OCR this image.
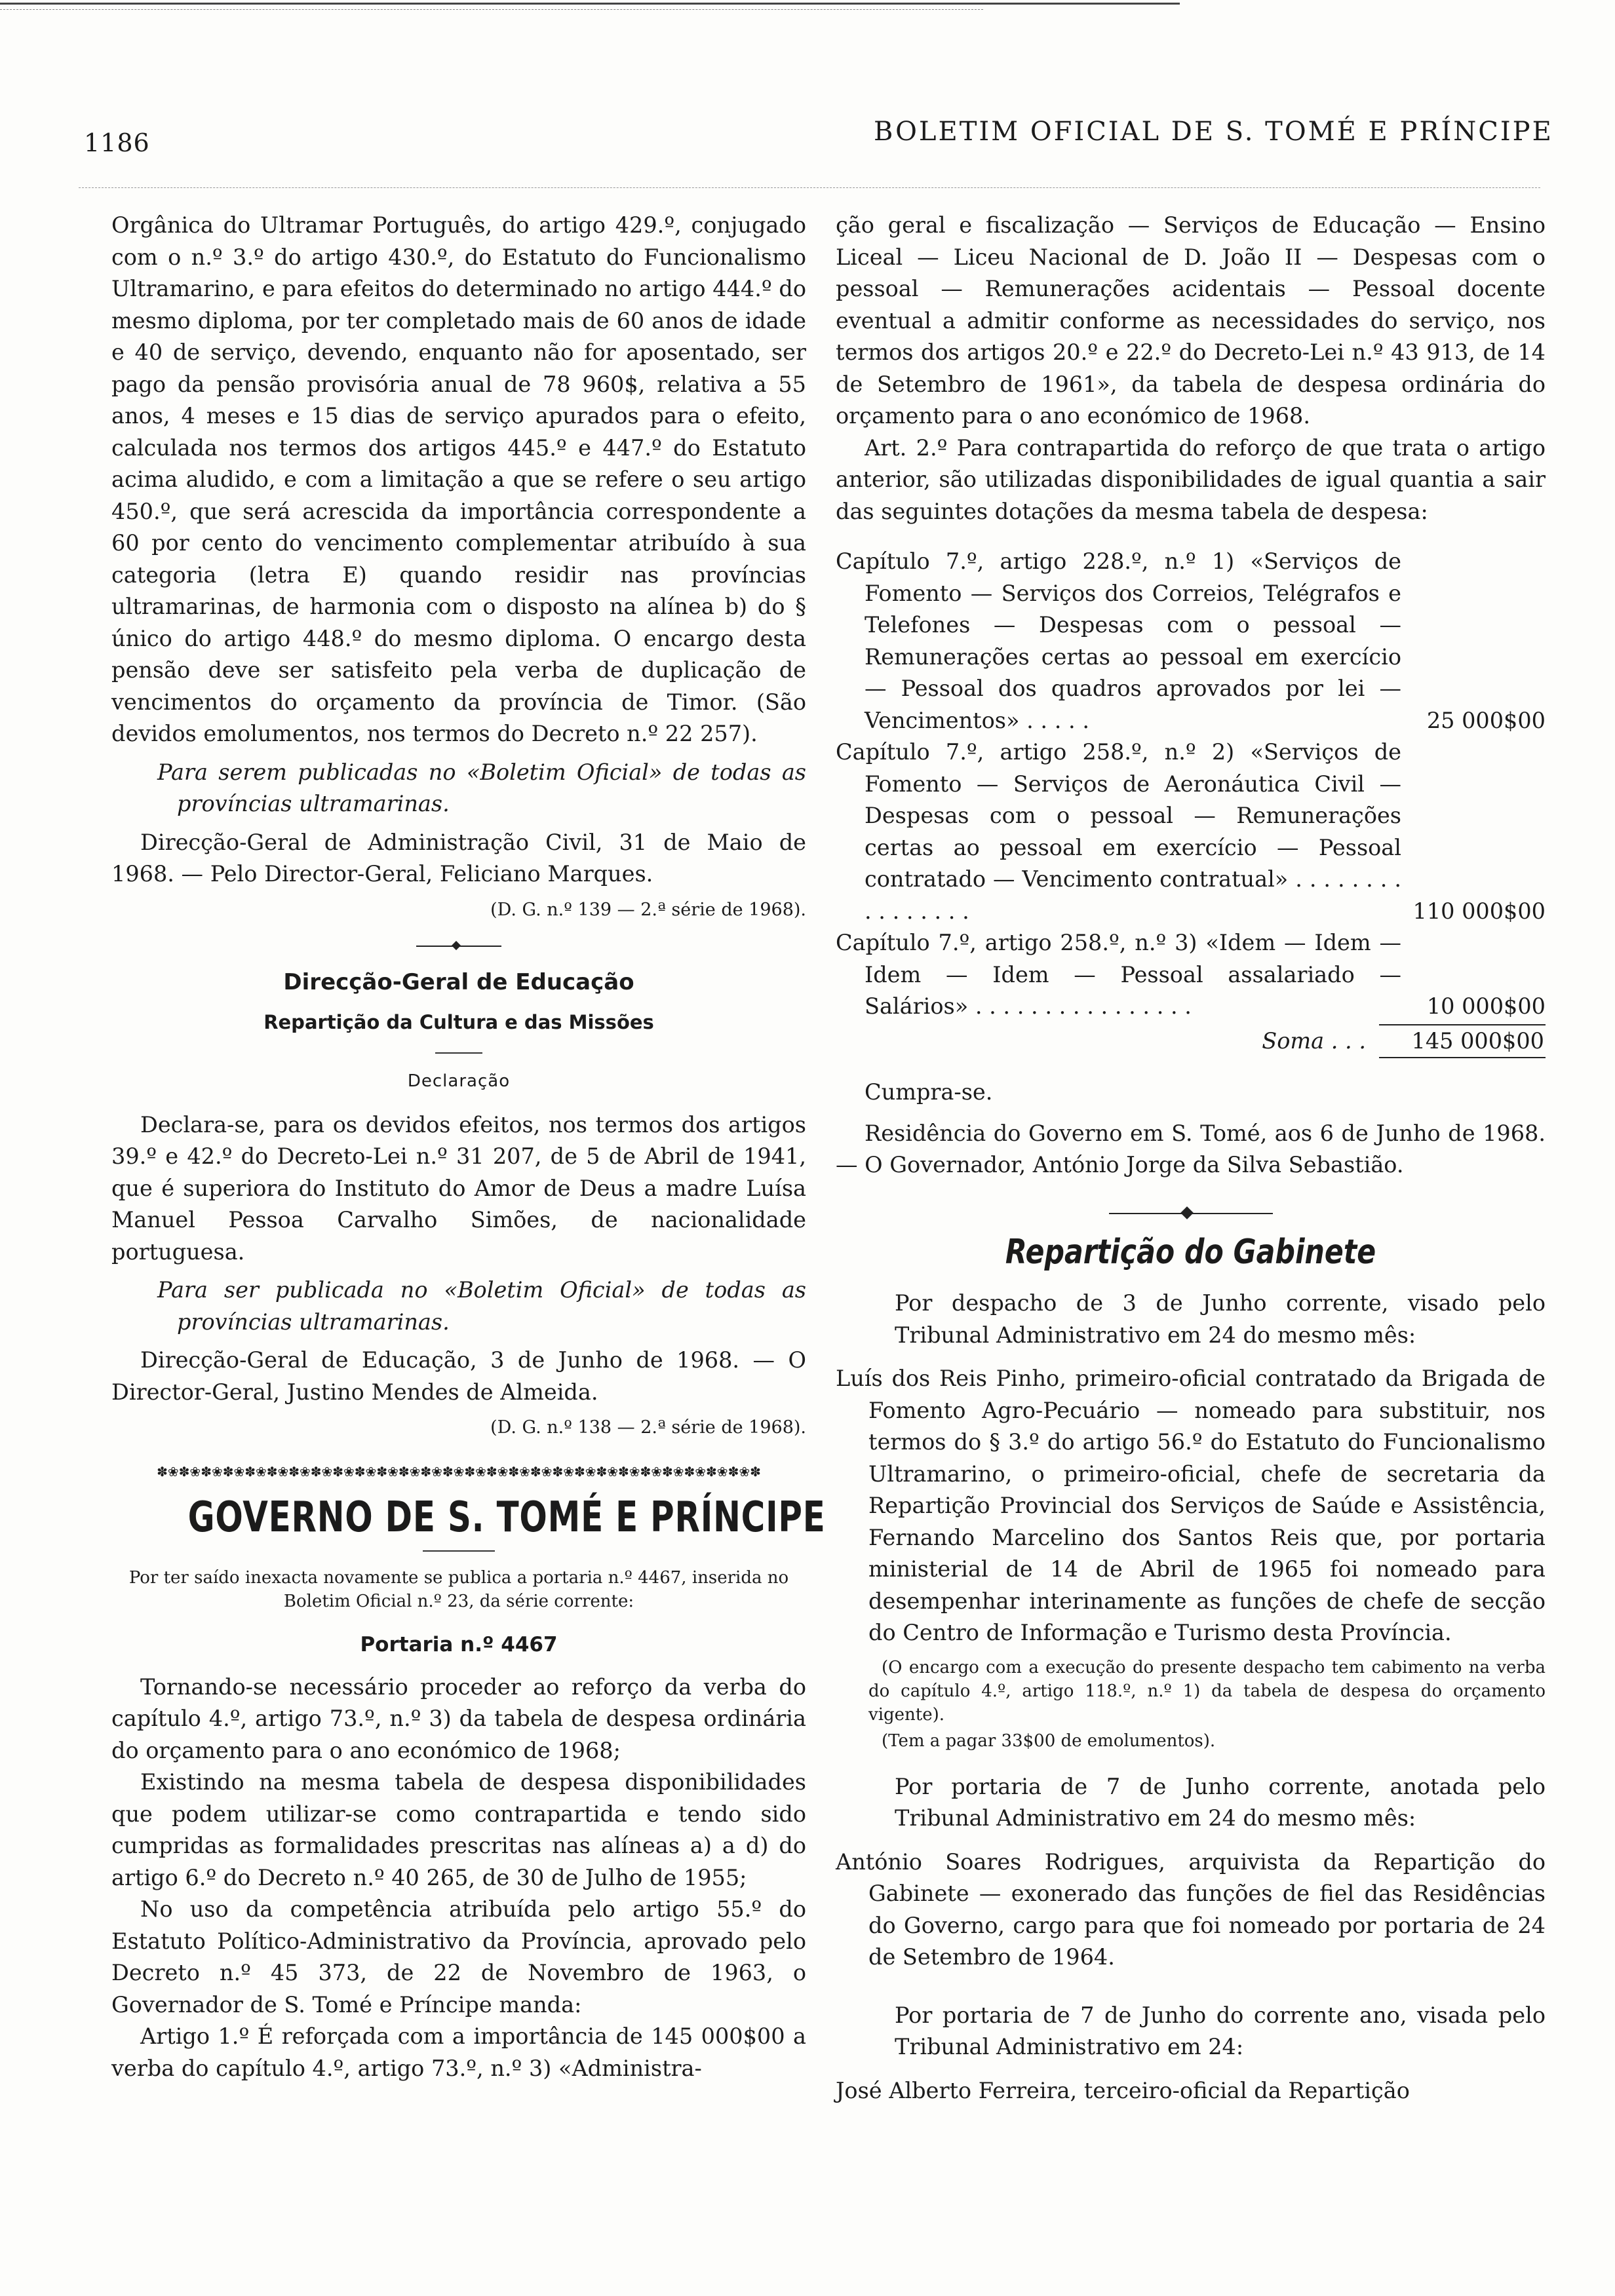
1186	BOLETIM OFICIAL DE S. TOMÉ E PRÍNCIPE

Orgânica do Ultramar Português, do artigo 429.º, conjugado com o n.º 3.º do artigo 430.º, do Estatuto do Funcionalismo Ultramarino, e para efeitos do determinado no artigo 444.º do mesmo diploma, por ter completado mais de 60 anos de idade e 40 de serviço, devendo, enquanto não for aposentado, ser pago da pensão provisória anual de 78 960$, relativa a 55 anos, 4 meses e 15 dias de serviço apurados para o efeito, calculada nos termos dos artigos 445.º e 447.º do Estatuto acima aludido, e com a limitação a que se refere o seu artigo 450.º, que será acrescida da importância correspondente a 60 por cento do vencimento complementar atribuído à sua categoria (letra E) quando residir nas províncias ultramarinas, de harmonia com o disposto na alínea b) do § único do artigo 448.º do mesmo diploma. O encargo desta pensão deve ser satisfeito pela verba de duplicação de vencimentos do orçamento da província de Timor. (São devidos emolumentos, nos termos do Decreto n.º 22 257).

Para serem publicadas no «Boletim Oficial» de todas as províncias ultramarinas.

Direcção-Geral de Administração Civil, 31 de Maio de 1968. — Pelo Director-Geral, Feliciano Marques.

(D. G. n.º 139 — 2.ª série de 1968).

Direcção-Geral de Educação

Repartição da Cultura e das Missões

Declaração

Declara-se, para os devidos efeitos, nos termos dos artigos 39.º e 42.º do Decreto-Lei n.º 31 207, de 5 de Abril de 1941, que é superiora do Instituto do Amor de Deus a madre Luísa Manuel Pessoa Carvalho Simões, de nacionalidade portuguesa.

Para ser publicada no «Boletim Oficial» de todas as províncias ultramarinas.

Direcção-Geral de Educação, 3 de Junho de 1968. — O Director-Geral, Justino Mendes de Almeida.

(D. G. n.º 138 — 2.ª série de 1968).

✽❀✽❀✽❀✽❀✽❀✽❀✽❀✽❀✽❀✽❀✽❀✽❀✽❀✽❀✽❀✽❀✽❀✽❀✽❀✽❀✽❀✽❀✽❀✽❀✽❀✽❀✽❀✽

GOVERNO DE S. TOMÉ E PRÍNCIPE

Por ter saído inexacta novamente se publica a portaria n.º 4467, inserida no Boletim Oficial n.º 23, da série corrente:

Portaria n.º 4467

Tornando-se necessário proceder ao reforço da verba do capítulo 4.º, artigo 73.º, n.º 3) da tabela de despesa ordinária do orçamento para o ano económico de 1968;

Existindo na mesma tabela de despesa disponibilidades que podem utilizar-se como contrapartida e tendo sido cumpridas as formalidades prescritas nas alíneas a) a d) do artigo 6.º do Decreto n.º 40 265, de 30 de Julho de 1955;

No uso da competência atribuída pelo artigo 55.º do Estatuto Político-Administrativo da Província, aprovado pelo Decreto n.º 45 373, de 22 de Novembro de 1963, o Governador de S. Tomé e Príncipe manda:

Artigo 1.º É reforçada com a importância de 145 000$00 a verba do capítulo 4.º, artigo 73.º, n.º 3) «Administra-

ção geral e fiscalização — Serviços de Educação — Ensino Liceal — Liceu Nacional de D. João II — Despesas com o pessoal — Remunerações acidentais — Pessoal docente eventual a admitir conforme as necessidades do serviço, nos termos dos artigos 20.º e 22.º do Decreto-Lei n.º 43 913, de 14 de Setembro de 1961», da tabela de despesa ordinária do orçamento para o ano económico de 1968.

Art. 2.º Para contrapartida do reforço de que trata o artigo anterior, são utilizadas disponibilidades de igual quantia a sair das seguintes dotações da mesma tabela de despesa:

Capítulo 7.º, artigo 228.º, n.º 1) «Serviços de Fomento — Serviços dos Correios, Telégrafos e Telefones — Despesas com o pessoal — Remunerações certas ao pessoal em exercício — Pessoal dos quadros aprovados por lei — Vencimentos» . . . . .	25 000$00
Capítulo 7.º, artigo 258.º, n.º 2) «Serviços de Fomento — Serviços de Aeronáutica Civil — Despesas com o pessoal — Remunerações certas ao pessoal em exercício — Pessoal contratado — Vencimento contratual» . . . . . . . . . . . . . . . .	110 000$00
Capítulo 7.º, artigo 258.º, n.º 3) «Idem — Idem — Idem — Idem — Pessoal assalariado — Salários» . . . . . . . . . . . . . . . .	10 000$00

Soma . . .	145 000$00

Cumpra-se.

Residência do Governo em S. Tomé, aos 6 de Junho de 1968. — O Governador, António Jorge da Silva Sebastião.

Repartição do Gabinete

Por despacho de 3 de Junho corrente, visado pelo Tribunal Administrativo em 24 do mesmo mês:

Luís dos Reis Pinho, primeiro-oficial contratado da Brigada de Fomento Agro-Pecuário — nomeado para substituir, nos termos do § 3.º do artigo 56.º do Estatuto do Funcionalismo Ultramarino, o primeiro-oficial, chefe de secretaria da Repartição Provincial dos Serviços de Saúde e Assistência, Fernando Marcelino dos Santos Reis que, por portaria ministerial de 14 de Abril de 1965 foi nomeado para desempenhar interinamente as funções de chefe de secção do Centro de Informação e Turismo desta Província.

(O encargo com a execução do presente despacho tem cabimento na verba do capítulo 4.º, artigo 118.º, n.º 1) da tabela de despesa do orçamento vigente).

(Tem a pagar 33$00 de emolumentos).

Por portaria de 7 de Junho corrente, anotada pelo Tribunal Administrativo em 24 do mesmo mês:

António Soares Rodrigues, arquivista da Repartição do Gabinete — exonerado das funções de fiel das Residências do Governo, cargo para que foi nomeado por portaria de 24 de Setembro de 1964.

Por portaria de 7 de Junho do corrente ano, visada pelo Tribunal Administrativo em 24:

José Alberto Ferreira, terceiro-oficial da Repartição
